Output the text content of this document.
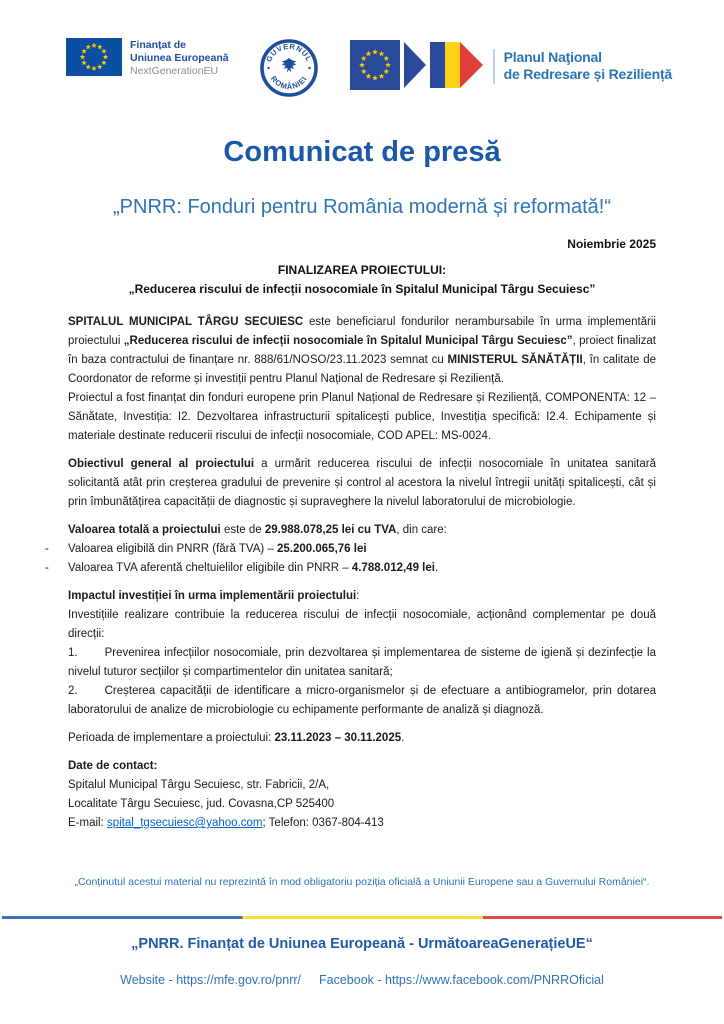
Finanțat de
Uniunea Europeană
NextGenerationEU
GUVERNUL
ROMÂNIEI
Planul Naţional
de Redresare și Reziliență
Comunicat de presă
„PNRR: Fonduri pentru România modernă și reformată!“
Noiembrie 2025
FINALIZAREA PROIECTULUI:
„Reducerea riscului de infecții nosocomiale în Spitalul Municipal Târgu Secuiesc”
SPITALUL MUNICIPAL TÂRGU SECUIESC este beneficiarul fondurilor nerambursabile în urma implementării proiectului „Reducerea riscului de infecții nosocomiale în Spitalul Municipal Târgu Secuiesc”, proiect finalizat în baza contractului de finanțare nr. 888/61/NOSO/23.11.2023 semnat cu MINISTERUL SĂNĂTĂȚII, în calitate de Coordonator de reforme și investiții pentru Planul Național de Redresare și Reziliență.
Proiectul a fost finanțat din fonduri europene prin Planul Național de Redresare și Reziliență, COMPONENTA: 12 – Sănătate, Investiția: I2. Dezvoltarea infrastructurii spitalicești publice, Investiția specifică: I2.4. Echipamente și materiale destinate reducerii riscului de infecții nosocomiale, COD APEL: MS-0024.
Obiectivul general al proiectului a urmărit reducerea riscului de infecții nosocomiale în unitatea sanitară solicitantă atât prin creșterea gradului de prevenire și control al acestora la nivelul întregii unități spitalicești, cât și prin îmbunătățirea capacității de diagnostic și supraveghere la nivelul laboratorului de microbiologie.
Valoarea totală a proiectului este de 29.988.078,25 lei cu TVA, din care:
-	Valoarea eligibilă din PNRR (fără TVA) – 25.200.065,76 lei
-	Valoarea TVA aferentă cheltuielilor eligibile din PNRR – 4.788.012,49 lei.
Impactul investiției în urma implementării proiectului:
Investițiile realizare contribuie la reducerea riscului de infecții nosocomiale, acționând complementar pe două direcții:
1. Prevenirea infecțiilor nosocomiale, prin dezvoltarea și implementarea de sisteme de igienă și dezinfecție la nivelul tuturor secțiilor și compartimentelor din unitatea sanitară;
2. Creșterea capacității de identificare a micro-organismelor și de efectuare a antibiogramelor, prin dotarea laboratorului de analize de microbiologie cu echipamente performante de analiză și diagnoză.
Perioada de implementare a proiectului: 23.11.2023 – 30.11.2025.
Date de contact:
Spitalul Municipal Târgu Secuiesc, str. Fabricii, 2/A,
Localitate Târgu Secuiesc, jud. Covasna,CP 525400
E-mail: spital_tgsecuiesc@yahoo.com; Telefon: 0367-804-413
„Conținutul acestui material nu reprezintă în mod obligatoriu poziția oficială a Uniunii Europene sau a Guvernului României“.
„PNRR. Finanțat de Uniunea Europeană - UrmătoareaGenerațieUE“
Website - https://mfe.gov.ro/pnrr/ Facebook - https://www.facebook.com/PNRROficial
